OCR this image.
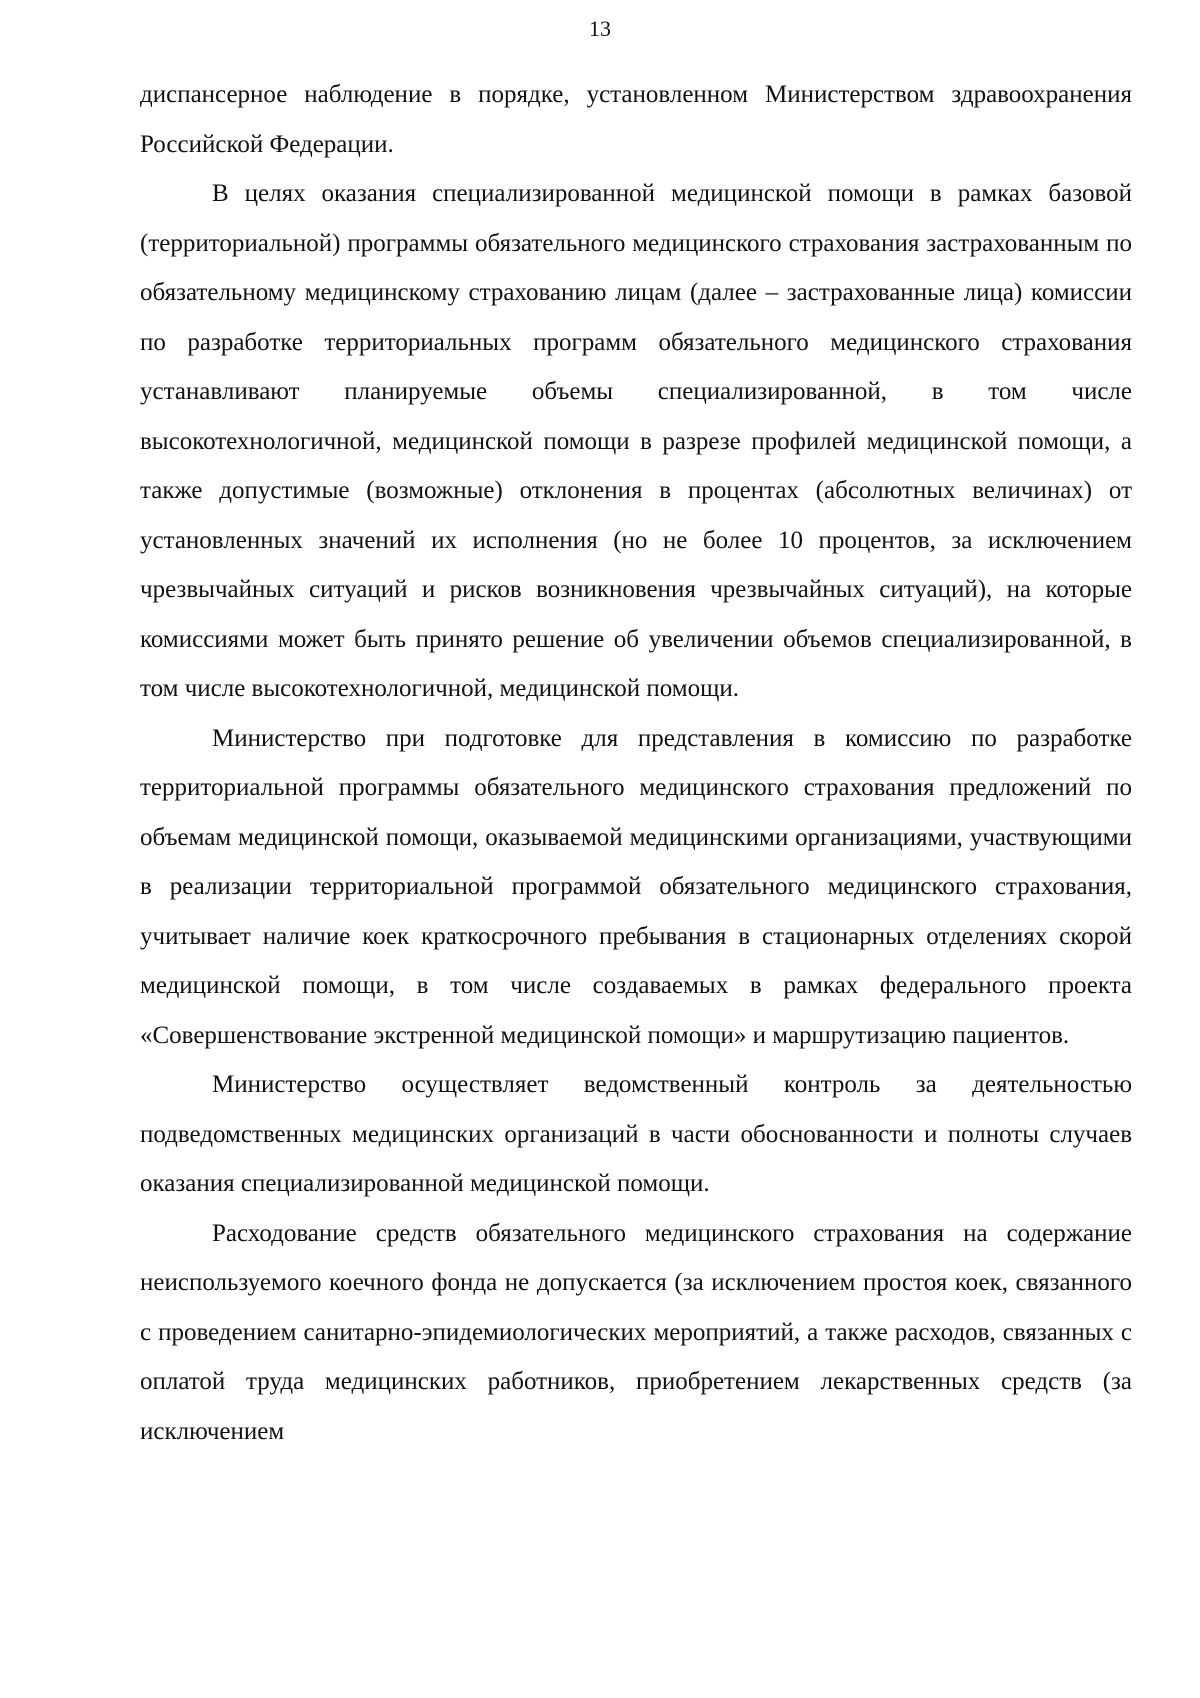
13

диспансерное наблюдение в порядке, установленном Министерством здравоохранения Российской Федерации.

В целях оказания специализированной медицинской помощи в рамках базовой (территориальной) программы обязательного медицинского страхования застрахованным по обязательному медицинскому страхованию лицам (далее – застрахованные лица) комиссии по разработке территориальных программ обязательного медицинского страхования устанавливают планируемые объемы специализированной, в том числе высокотехнологичной, медицинской помощи в разрезе профилей медицинской помощи, а также допустимые (возможные) отклонения в процентах (абсолютных величинах) от установленных значений их исполнения (но не более 10 процентов, за исключением чрезвычайных ситуаций и рисков возникновения чрезвычайных ситуаций), на которые комиссиями может быть принято решение об увеличении объемов специализированной, в том числе высокотехнологичной, медицинской помощи.

Министерство при подготовке для представления в комиссию по разработке территориальной программы обязательного медицинского страхования предложений по объемам медицинской помощи, оказываемой медицинскими организациями, участвующими в реализации территориальной программой обязательного медицинского страхования, учитывает наличие коек краткосрочного пребывания в стационарных отделениях скорой медицинской помощи, в том числе создаваемых в рамках федерального проекта «Совершенствование экстренной медицинской помощи» и маршрутизацию пациентов.

Министерство осуществляет ведомственный контроль за деятельностью подведомственных медицинских организаций в части обоснованности и полноты случаев оказания специализированной медицинской помощи.

Расходование средств обязательного медицинского страхования на содержание неиспользуемого коечного фонда не допускается (за исключением простоя коек, связанного с проведением санитарно-эпидемиологических мероприятий, а также расходов, связанных с оплатой труда медицинских работников, приобретением лекарственных средств (за исключением
